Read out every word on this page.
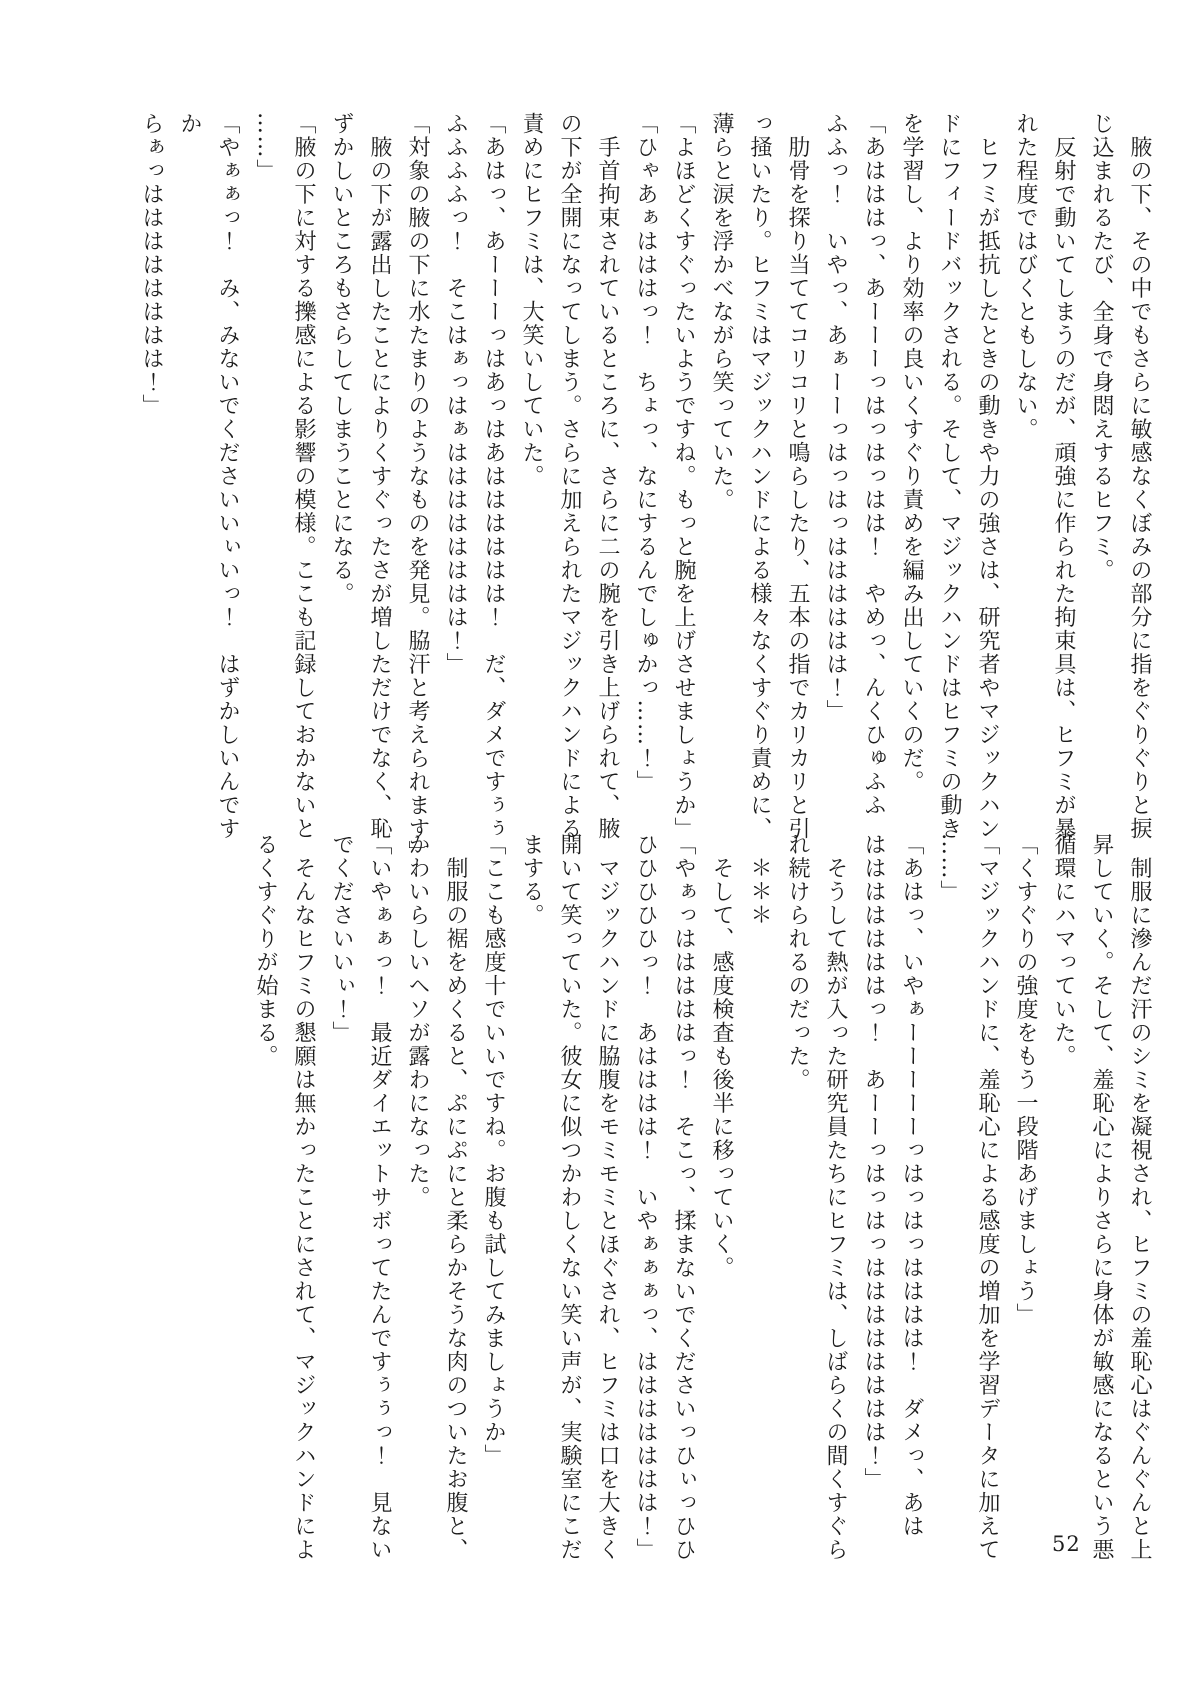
　腋の下、その中でもさらに敏感なくぼみの部分に指をぐりぐりと捩

じ込まれるたび、全身で身悶えするヒフミ。

　反射で動いてしまうのだが、頑強に作られた拘束具は、ヒフミが暴

れた程度ではびくともしない。

　ヒフミが抵抗したときの動きや力の強さは、研究者やマジックハン

ドにフィードバックされる。そして、マジックハンドはヒフミの動き

を学習し、より効率の良いくすぐり責めを編み出していくのだ。

「あはははっ、あーーーっはっはっはは！　やめっ、んくひゅふふ

ふふっ！　いやっ、あぁーーっはっはっはははははは！」

　肋骨を探り当ててコリコリと鳴らしたり、五本の指でカリカリと引

っ掻いたり。ヒフミはマジックハンドによる様々なくすぐり責めに、

薄らと涙を浮かべながら笑っていた。

「よほどくすぐったいようですね。もっと腕を上げさせましょうか」

「ひゃあぁはははっ！　ちょっ、なにするんでしゅかっ……！」

　手首拘束されているところに、さらに二の腕を引き上げられて、腋

の下が全開になってしまう。さらに加えられたマジックハンドによる

責めにヒフミは、大笑いしていた。

「あはっ、あーーーっはあっはあはははははは！　だ、ダメですぅぅ

ふふふふっ！　そこはぁっはぁはははははははは！」

「対象の腋の下に水たまりのようなものを発見。脇汗と考えられます」

　腋の下が露出したことによりくすぐったさが増しただけでなく、恥

ずかしいところもさらしてしまうことになる。

「腋の下に対する擽感による影響の模様。ここも記録しておかないと

……」

「やぁぁっ！　み、みないでくださいいぃいっ！　はずかしいんですか

らぁっはははははははは！」

　制服に滲んだ汗のシミを凝視され、ヒフミの羞恥心はぐんぐんと上

昇していく。そして、羞恥心によりさらに身体が敏感になるという悪

循環にハマっていた。

「くすぐりの強度をもう一段階あげましょう」

「マジックハンドに、羞恥心による感度の増加を学習データに加えて

……」

「あはっ、いやぁーーーーーっはっはっはははは！　ダメっ、あは

はははははははっ！　あーーっはっはっはははははははは！」

　そうして熱が入った研究員たちにヒフミは、しばらくの間くすぐら

れ続けられるのだった。

　＊＊＊

　そして、感度検査も後半に移っていく。

「やぁっはははははっ！　そこっ、揉まないでくださいっひぃっひひ

ひひひひひっ！　あはははは！　いやぁぁぁっ、ははははははは！」

　マジックハンドに脇腹をモミモミとほぐされ、ヒフミは口を大きく

開いて笑っていた。彼女に似つかわしくない笑い声が、実験室にこだ

まする。

「ここも感度十でいいですね。お腹も試してみましょうか」

　制服の裾をめくると、ぷにぷにと柔らかそうな肉のついたお腹と、

かわいらしいヘソが露わになった。

「いやぁぁっ！　最近ダイエットサボってたんですぅぅっ！　見ない

でくださいいぃ！」

　そんなヒフミの懇願は無かったことにされて、マジックハンドによ

るくすぐりが始まる。

52
